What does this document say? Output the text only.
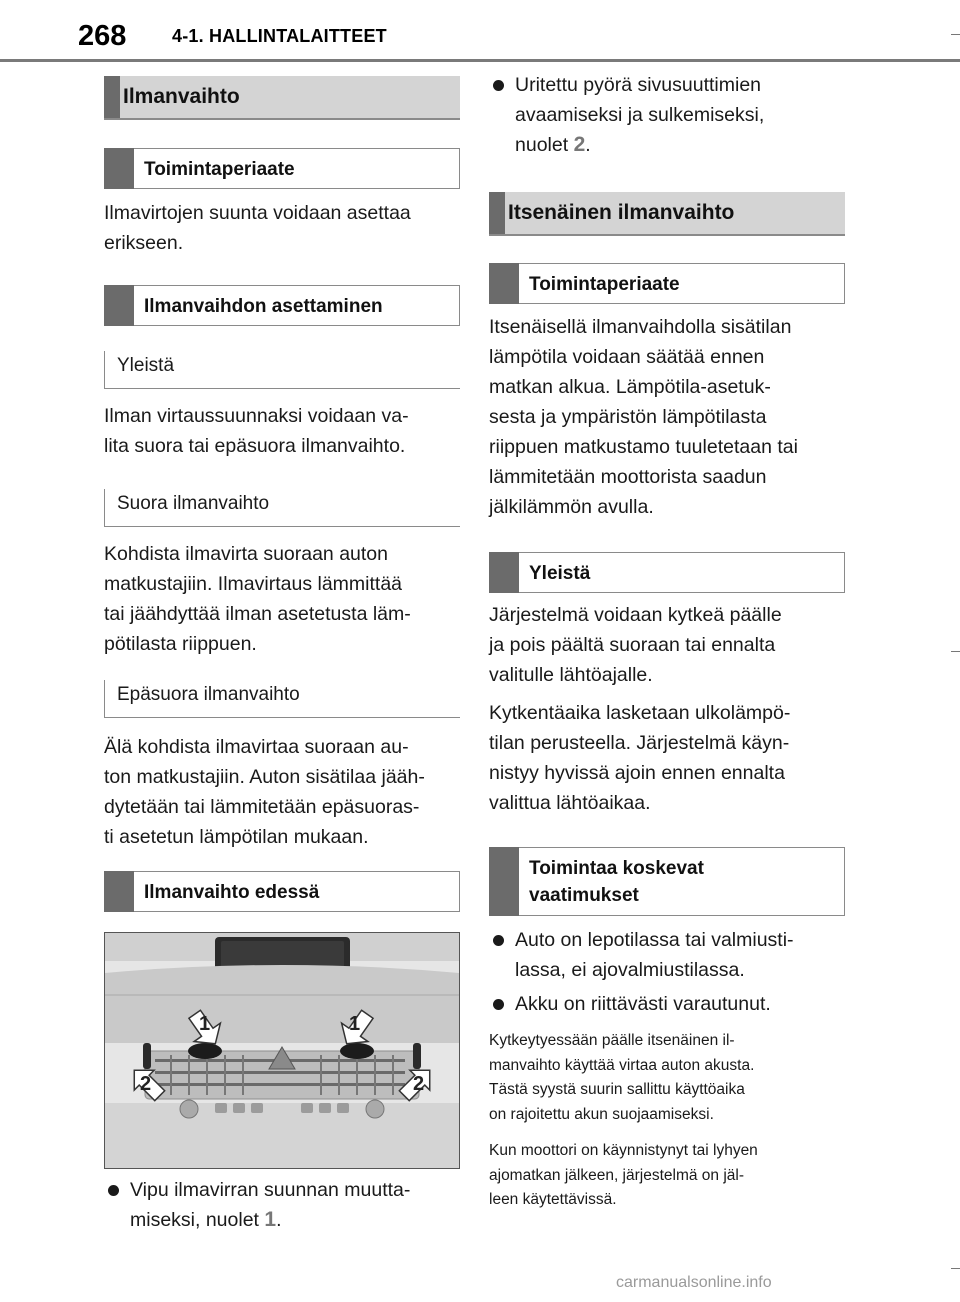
268	4-1. HALLINTALAITTEET
Ilmanvaihto
Toimintaperiaate
Ilmavirtojen suunta voidaan asettaa
erikseen.
Ilmanvaihdon asettaminen
Yleistä
Ilman virtaussuunnaksi voidaan va-
lita suora tai epäsuora ilmanvaihto.
Suora ilmanvaihto
Kohdista ilmavirta suoraan auton
matkustajiin. Ilmavirtaus lämmittää
tai jäähdyttää ilman asetetusta läm-
pötilasta riippuen.
Epäsuora ilmanvaihto
Älä kohdista ilmavirtaa suoraan au-
ton matkustajiin. Auton sisätilaa jääh-
dytetään tai lämmitetään epäsuoras-
ti asetetun lämpötilan mukaan.
Ilmanvaihto edessä
1	1
2	2
Vipu ilmavirran suunnan muutta-
miseksi, nuolet 1.
Uritettu pyörä sivusuuttimien
avaamiseksi ja sulkemiseksi,
nuolet 2.
Itsenäinen ilmanvaihto
Toimintaperiaate
Itsenäisellä ilmanvaihdolla sisätilan
lämpötila voidaan säätää ennen
matkan alkua. Lämpötila-asetuk-
sesta ja ympäristön lämpötilasta
riippuen matkustamo tuuletetaan tai
lämmitetään moottorista saadun
jälkilämmön avulla.
Yleistä
Järjestelmä voidaan kytkeä päälle
ja pois päältä suoraan tai ennalta
valitulle lähtöajalle.
Kytkentäaika lasketaan ulkolämpö-
tilan perusteella. Järjestelmä käyn-
nistyy hyvissä ajoin ennen ennalta
valittua lähtöaikaa.
Toimintaa koskevat
vaatimukset
Auto on lepotilassa tai valmiusti-
lassa, ei ajovalmiustilassa.
Akku on riittävästi varautunut.
Kytkeytyessään päälle itsenäinen il-
manvaihto käyttää virtaa auton akusta.
Tästä syystä suurin sallittu käyttöaika
on rajoitettu akun suojaamiseksi.
Kun moottori on käynnistynyt tai lyhyen
ajomatkan jälkeen, järjestelmä on jäl-
leen käytettävissä.
carmanualsonline.info
